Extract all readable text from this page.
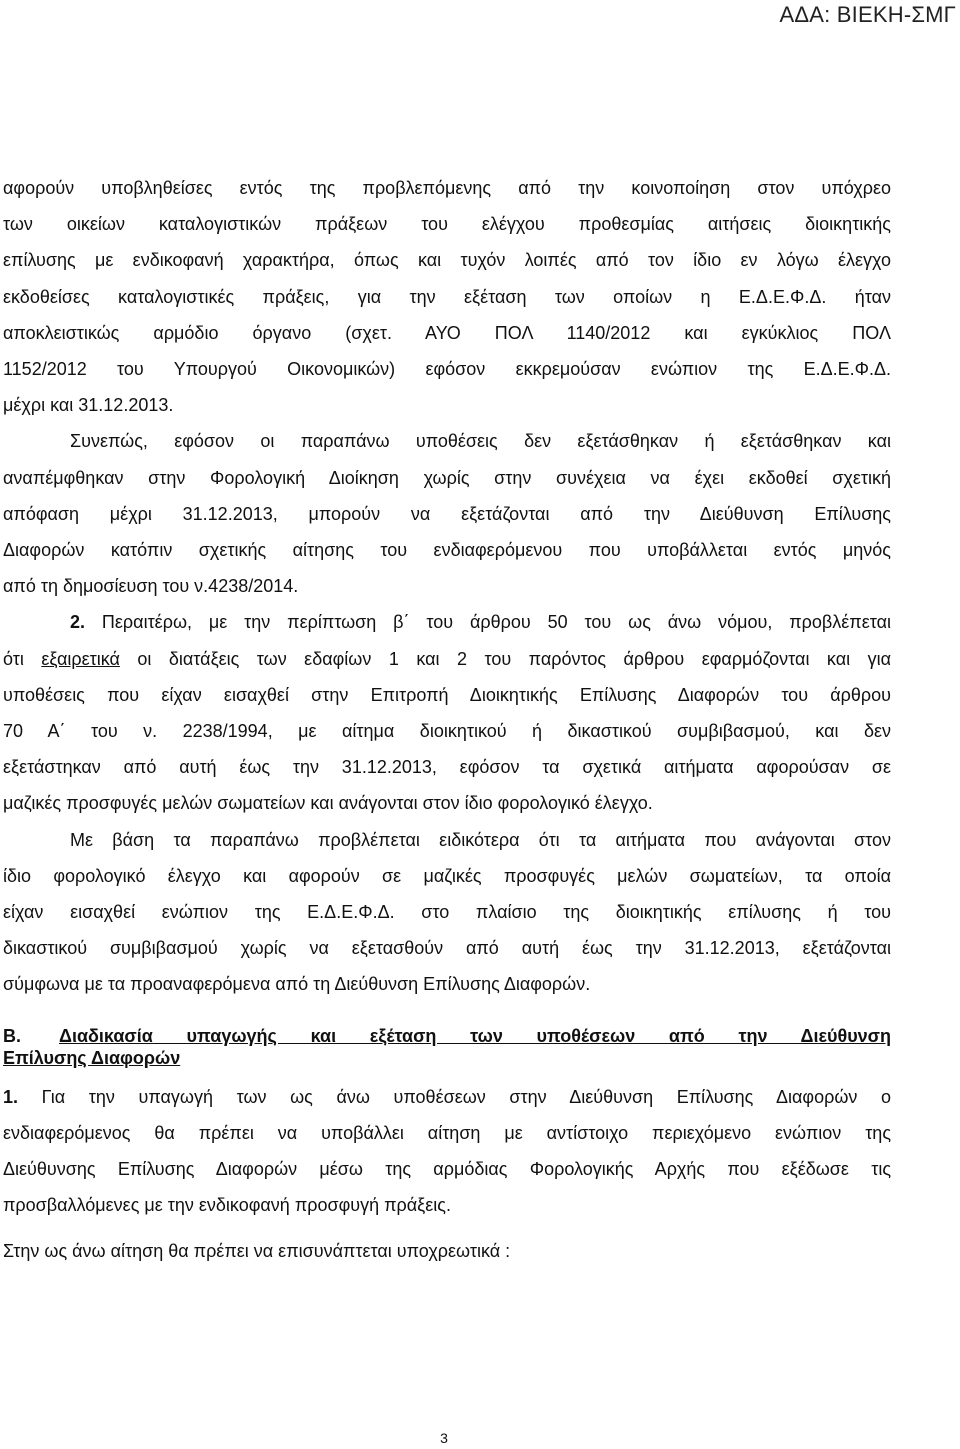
ΑΔΑ: ΒΙΕΚΗ-ΣΜΓ
αφορούν υποβληθείσες εντός της προβλεπόμενης από την κοινοποίηση στον υπόχρεο
των οικείων καταλογιστικών πράξεων του ελέγχου προθεσμίας αιτήσεις διοικητικής
επίλυσης με ενδικοφανή χαρακτήρα, όπως και τυχόν λοιπές από τον ίδιο εν λόγω έλεγχο
εκδοθείσες καταλογιστικές πράξεις, για την εξέταση των οποίων η Ε.Δ.Ε.Φ.Δ. ήταν
αποκλειστικώς αρμόδιο όργανο (σχετ. ΑΥΟ ΠΟΛ 1140/2012 και εγκύκλιος ΠΟΛ
1152/2012 του Υπουργού Οικονομικών) εφόσον εκκρεμούσαν ενώπιον της Ε.Δ.Ε.Φ.Δ.
μέχρι και 31.12.2013.
Συνεπώς, εφόσον οι παραπάνω υποθέσεις δεν εξετάσθηκαν ή εξετάσθηκαν και
αναπέμφθηκαν στην Φορολογική Διοίκηση χωρίς στην συνέχεια να έχει εκδοθεί σχετική
απόφαση μέχρι 31.12.2013, μπορούν να εξετάζονται από την Διεύθυνση Επίλυσης
Διαφορών κατόπιν σχετικής αίτησης του ενδιαφερόμενου που υποβάλλεται εντός μηνός
από τη δημοσίευση του ν.4238/2014.
2. Περαιτέρω, με την περίπτωση β΄ του άρθρου 50 του ως άνω νόμου, προβλέπεται
ότι εξαιρετικά οι διατάξεις των εδαφίων 1 και 2 του παρόντος άρθρου εφαρμόζονται και για
υποθέσεις που είχαν εισαχθεί στην Επιτροπή Διοικητικής Επίλυσης Διαφορών του άρθρου
70 Α΄ του ν. 2238/1994, με αίτημα διοικητικού ή δικαστικού συμβιβασμού, και δεν
εξετάστηκαν από αυτή έως την 31.12.2013, εφόσον τα σχετικά αιτήματα αφορούσαν σε
μαζικές προσφυγές μελών σωματείων και ανάγονται στον ίδιο φορολογικό έλεγχο.
Με βάση τα παραπάνω προβλέπεται ειδικότερα ότι τα αιτήματα που ανάγονται στον
ίδιο φορολογικό έλεγχο και αφορούν σε μαζικές προσφυγές μελών σωματείων, τα οποία
είχαν εισαχθεί ενώπιον της Ε.Δ.Ε.Φ.Δ. στο πλαίσιο της διοικητικής επίλυσης ή του
δικαστικού συμβιβασμού χωρίς να εξετασθούν από αυτή έως την 31.12.2013, εξετάζονται
σύμφωνα με τα προαναφερόμενα από τη Διεύθυνση Επίλυσης Διαφορών.
Β. Διαδικασία υπαγωγής και εξέταση των υποθέσεων από την Διεύθυνση
Επίλυσης Διαφορών
1. Για την υπαγωγή των ως άνω υποθέσεων στην Διεύθυνση Επίλυσης Διαφορών ο
ενδιαφερόμενος θα πρέπει να υποβάλλει αίτηση με αντίστοιχο περιεχόμενο ενώπιον της
Διεύθυνσης Επίλυσης Διαφορών μέσω της αρμόδιας Φορολογικής Αρχής που εξέδωσε τις
προσβαλλόμενες με την ενδικοφανή προσφυγή πράξεις.
Στην ως άνω αίτηση θα πρέπει να επισυνάπτεται υποχρεωτικά :
3
